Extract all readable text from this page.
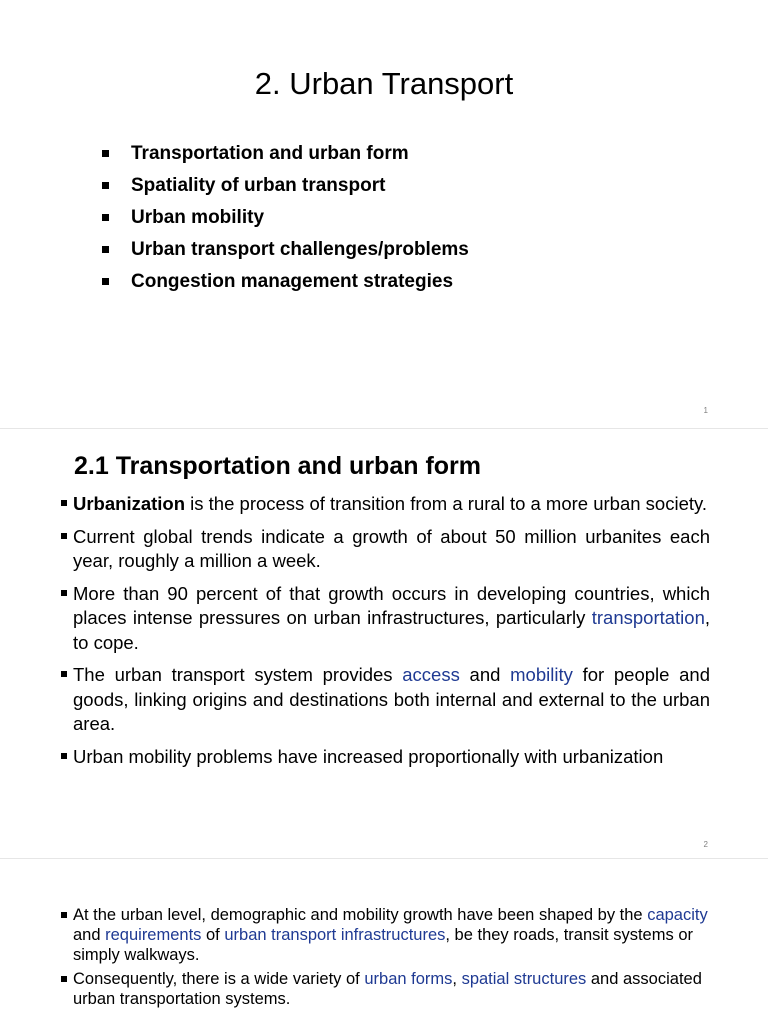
2. Urban Transport
Transportation and urban form
Spatiality of urban transport
Urban mobility
Urban transport challenges/problems
Congestion management strategies
1
2.1 Transportation and urban form
Urbanization is the process of transition from a rural to a more urban society.
Current global trends indicate a growth of about 50 million urbanites each year, roughly a million a week.
More than 90 percent of that growth occurs in developing countries, which places intense pressures on urban infrastructures, particularly transportation, to cope.
The urban transport system provides access and mobility for people and goods, linking origins and destinations both internal and external to the urban area.
Urban mobility problems have increased proportionally with urbanization
2
At the urban level, demographic and mobility growth have been shaped by the capacity and requirements of urban transport infrastructures, be they roads, transit systems or simply walkways.
Consequently, there is a wide variety of urban forms, spatial structures and associated urban transportation systems.
